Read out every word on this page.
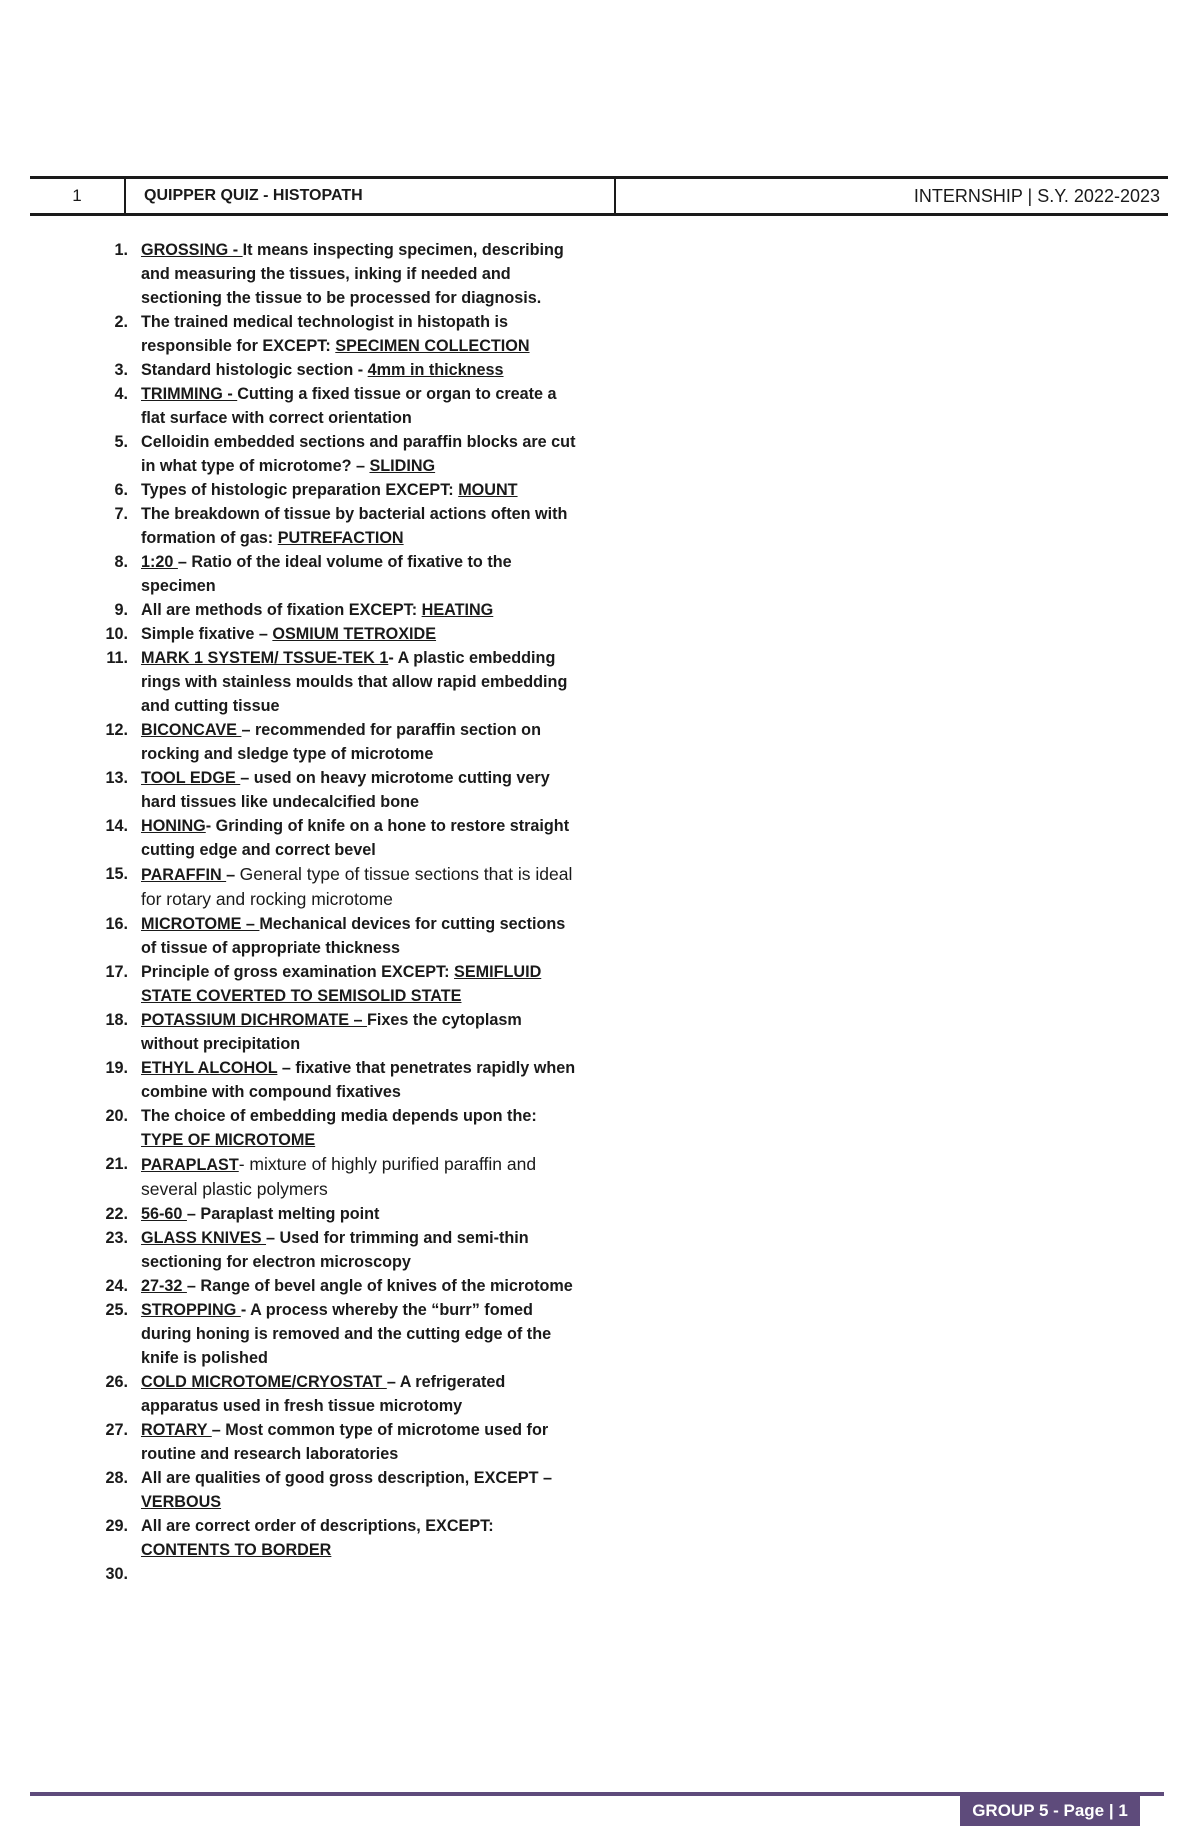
1	QUIPPER QUIZ - HISTOPATH	INTERNSHIP | S.Y. 2022-2023
1. GROSSING - It means inspecting specimen, describing and measuring the tissues, inking if needed and sectioning the tissue to be processed for diagnosis.
2. The trained medical technologist in histopath is responsible for EXCEPT: SPECIMEN COLLECTION
3. Standard histologic section - 4mm in thickness
4. TRIMMING - Cutting a fixed tissue or organ to create a flat surface with correct orientation
5. Celloidin embedded sections and paraffin blocks are cut in what type of microtome? – SLIDING
6. Types of histologic preparation EXCEPT: MOUNT
7. The breakdown of tissue by bacterial actions often with formation of gas: PUTREFACTION
8. 1:20 – Ratio of the ideal volume of fixative to the specimen
9. All are methods of fixation EXCEPT: HEATING
10. Simple fixative – OSMIUM TETROXIDE
11. MARK 1 SYSTEM/ TSSUE-TEK 1- A plastic embedding rings with stainless moulds that allow rapid embedding and cutting tissue
12. BICONCAVE – recommended for paraffin section on rocking and sledge type of microtome
13. TOOL EDGE – used on heavy microtome cutting very hard tissues like undecalcified bone
14. HONING- Grinding of knife on a hone to restore straight cutting edge and correct bevel
15. PARAFFIN – General type of tissue sections that is ideal for rotary and rocking microtome
16. MICROTOME – Mechanical devices for cutting sections of tissue of appropriate thickness
17. Principle of gross examination EXCEPT: SEMIFLUID STATE COVERTED TO SEMISOLID STATE
18. POTASSIUM DICHROMATE – Fixes the cytoplasm without precipitation
19. ETHYL ALCOHOL – fixative that penetrates rapidly when combine with compound fixatives
20. The choice of embedding media depends upon the: TYPE OF MICROTOME
21. PARAPLAST- mixture of highly purified paraffin and several plastic polymers
22. 56-60 – Paraplast melting point
23. GLASS KNIVES – Used for trimming and semi-thin sectioning for electron microscopy
24. 27-32 – Range of bevel angle of knives of the microtome
25. STROPPING - A process whereby the “burr” fomed during honing is removed and the cutting edge of the knife is polished
26. COLD MICROTOME/CRYOSTAT – A refrigerated apparatus used in fresh tissue microtomy
27. ROTARY – Most common type of microtome used for routine and research laboratories
28. All are qualities of good gross description, EXCEPT – VERBOUS
29. All are correct order of descriptions, EXCEPT: CONTENTS TO BORDER
30.
GROUP 5 - Page | 1
